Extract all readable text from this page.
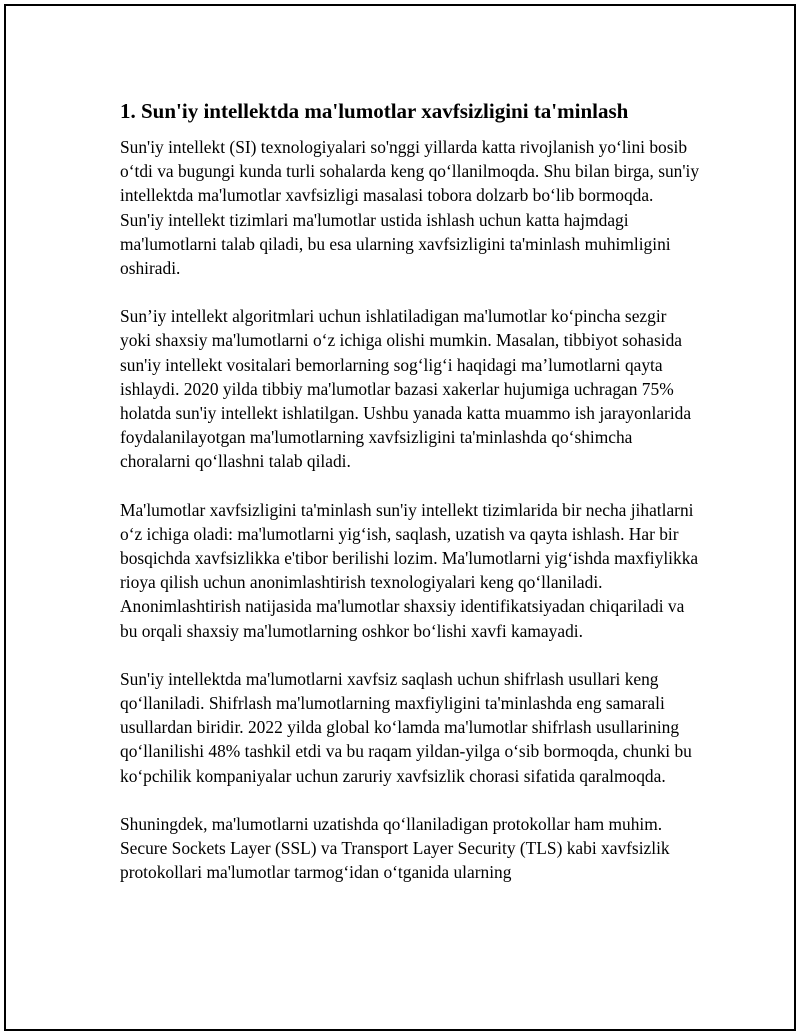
1. Sun'iy intellektda ma'lumotlar xavfsizligini ta'minlash

Sun'iy intellekt (SI) texnologiyalari so'nggi yillarda katta rivojlanish yo‘lini bosib o‘tdi va bugungi kunda turli sohalarda keng qo‘llanilmoqda. Shu bilan birga, sun'iy intellektda ma'lumotlar xavfsizligi masalasi tobora dolzarb bo‘lib bormoqda. Sun'iy intellekt tizimlari ma'lumotlar ustida ishlash uchun katta hajmdagi ma'lumotlarni talab qiladi, bu esa ularning xavfsizligini ta'minlash muhimligini oshiradi.

Sun’iy intellekt algoritmlari uchun ishlatiladigan ma'lumotlar ko‘pincha sezgir yoki shaxsiy ma'lumotlarni o‘z ichiga olishi mumkin. Masalan, tibbiyot sohasida sun'iy intellekt vositalari bemorlarning sog‘lig‘i haqidagi ma’lumotlarni qayta ishlaydi. 2020 yilda tibbiy ma'lumotlar bazasi xakerlar hujumiga uchragan 75% holatda sun'iy intellekt ishlatilgan. Ushbu yanada katta muammo ish jarayonlarida foydalanilayotgan ma'lumotlarning xavfsizligini ta'minlashda qo‘shimcha choralarni qo‘llashni talab qiladi.

Ma'lumotlar xavfsizligini ta'minlash sun'iy intellekt tizimlarida bir necha jihatlarni o‘z ichiga oladi: ma'lumotlarni yig‘ish, saqlash, uzatish va qayta ishlash. Har bir bosqichda xavfsizlikka e'tibor berilishi lozim. Ma'lumotlarni yig‘ishda maxfiylikka rioya qilish uchun anonimlashtirish texnologiyalari keng qo‘llaniladi. Anonimlashtirish natijasida ma'lumotlar shaxsiy identifikatsiyadan chiqariladi va bu orqali shaxsiy ma'lumotlarning oshkor bo‘lishi xavfi kamayadi.

Sun'iy intellektda ma'lumotlarni xavfsiz saqlash uchun shifrlash usullari keng qo‘llaniladi. Shifrlash ma'lumotlarning maxfiyligini ta'minlashda eng samarali usullardan biridir. 2022 yilda global ko‘lamda ma'lumotlar shifrlash usullarining qo‘llanilishi 48% tashkil etdi va bu raqam yildan-yilga o‘sib bormoqda, chunki bu ko‘pchilik kompaniyalar uchun zaruriy xavfsizlik chorasi sifatida qaralmoqda.

Shuningdek, ma'lumotlarni uzatishda qo‘llaniladigan protokollar ham muhim. Secure Sockets Layer (SSL) va Transport Layer Security (TLS) kabi xavfsizlik protokollari ma'lumotlar tarmog‘idan o‘tganida ularning
